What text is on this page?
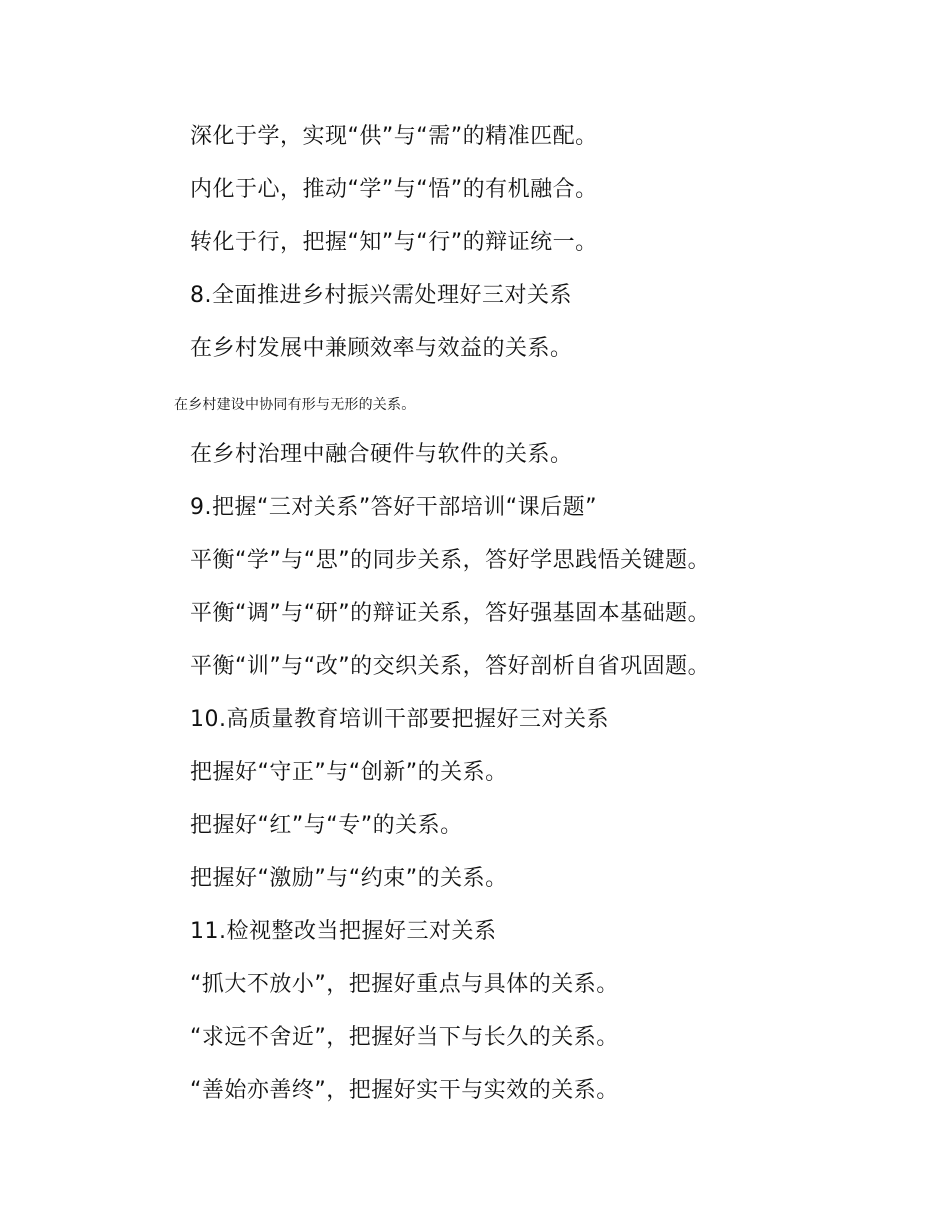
深化于学，实现“供”与“需”的精准匹配。
内化于心，推动“学”与“悟”的有机融合。
转化于行，把握“知”与“行”的辩证统一。
8.全面推进乡村振兴需处理好三对关系
在乡村发展中兼顾效率与效益的关系。
在乡村建设中协同有形与无形的关系。
在乡村治理中融合硬件与软件的关系。
9.把握“三对关系”答好干部培训“课后题”
平衡“学”与“思”的同步关系，答好学思践悟关键题。
平衡“调”与“研”的辩证关系，答好强基固本基础题。
平衡“训”与“改”的交织关系，答好剖析自省巩固题。
10.高质量教育培训干部要把握好三对关系
把握好“守正”与“创新”的关系。
把握好“红”与“专”的关系。
把握好“激励”与“约束”的关系。
11.检视整改当把握好三对关系
“抓大不放小”，把握好重点与具体的关系。
“求远不舍近”，把握好当下与长久的关系。
“善始亦善终”，把握好实干与实效的关系。
